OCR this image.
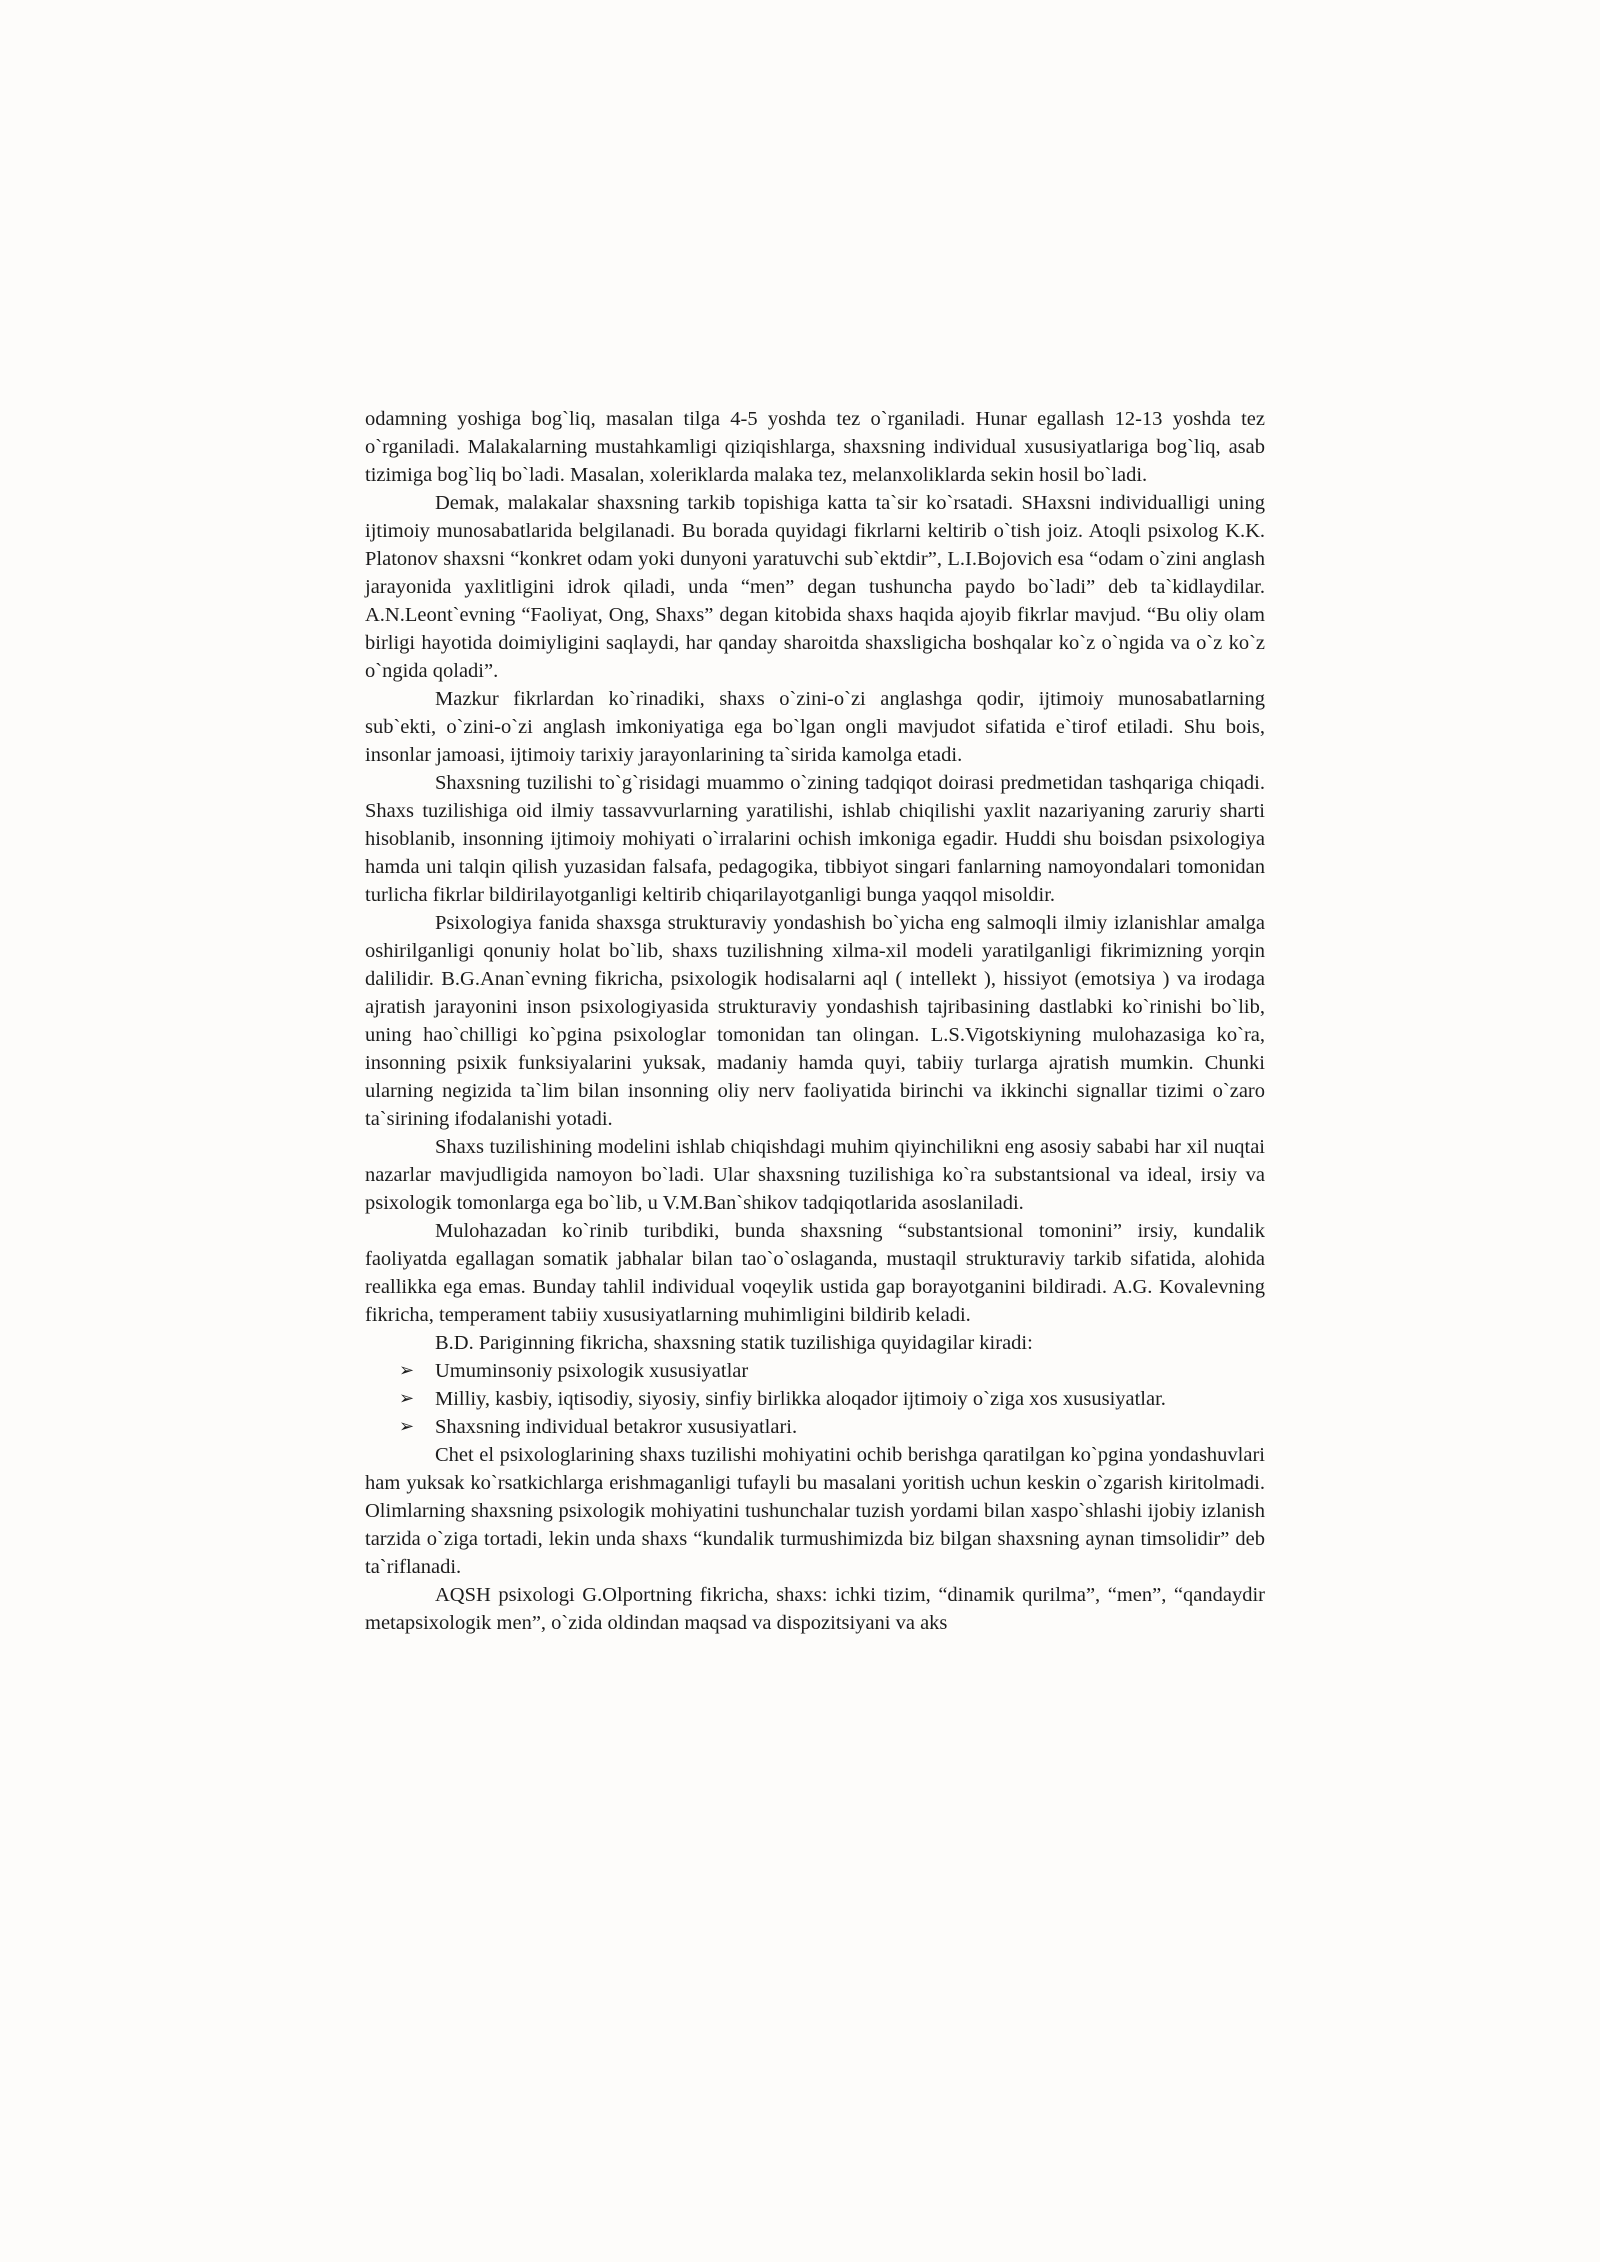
odamning yoshiga bog`liq, masalan tilga 4-5 yoshda tez o`rganiladi. Hunar egallash 12-13 yoshda tez o`rganiladi. Malakalarning mustahkamligi qiziqishlarga, shaxsning individual xususiyatlariga bog`liq, asab tizimiga bog`liq bo`ladi. Masalan, xoleriklarda malaka tez, melanxoliklarda sekin hosil bo`ladi.

Demak, malakalar shaxsning tarkib topishiga katta ta`sir ko`rsatadi. SHaxsni individualligi uning ijtimoiy munosabatlarida belgilanadi. Bu borada quyidagi fikrlarni keltirib o`tish joiz. Atoqli psixolog K.K. Platonov shaxsni “konkret odam yoki dunyoni yaratuvchi sub`ektdir”, L.I.Bojovich esa “odam o`zini anglash jarayonida yaxlitligini idrok qiladi, unda “men” degan tushuncha paydo bo`ladi” deb ta`kidlaydilar. A.N.Leont`evning “Faoliyat, Ong, Shaxs” degan kitobida shaxs haqida ajoyib fikrlar mavjud. “Bu oliy olam birligi hayotida doimiyligini saqlaydi, har qanday sharoitda shaxsligicha boshqalar ko`z o`ngida va o`z ko`z o`ngida qoladi”.

Mazkur fikrlardan ko`rinadiki, shaxs o`zini-o`zi anglashga qodir, ijtimoiy munosabatlarning sub`ekti, o`zini-o`zi anglash imkoniyatiga ega bo`lgan ongli mavjudot sifatida e`tirof etiladi. Shu bois, insonlar jamoasi, ijtimoiy tarixiy jarayonlarining ta`sirida kamolga etadi.

Shaxsning tuzilishi to`g`risidagi muammo o`zining tadqiqot doirasi predmetidan tashqariga chiqadi. Shaxs tuzilishiga oid ilmiy tassavvurlarning yaratilishi, ishlab chiqilishi yaxlit nazariyaning zaruriy sharti hisoblanib, insonning ijtimoiy mohiyati o`irralarini ochish imkoniga egadir. Huddi shu boisdan psixologiya hamda uni talqin qilish yuzasidan falsafa, pedagogika, tibbiyot singari fanlarning namoyondalari tomonidan turlicha fikrlar bildirilayotganligi keltirib chiqarilayotganligi bunga yaqqol misoldir.

Psixologiya fanida shaxsga strukturaviy yondashish bo`yicha eng salmoqli ilmiy izlanishlar amalga oshirilganligi qonuniy holat bo`lib, shaxs tuzilishning xilma-xil modeli yaratilganligi fikrimizning yorqin dalilidir. B.G.Anan`evning fikricha, psixologik hodisalarni aql ( intellekt ), hissiyot (emotsiya ) va irodaga ajratish jarayonini inson psixologiyasida strukturaviy yondashish tajribasining dastlabki ko`rinishi bo`lib, uning hao`chilligi ko`pgina psixologlar tomonidan tan olingan. L.S.Vigotskiyning mulohazasiga ko`ra, insonning psixik funksiyalarini yuksak, madaniy hamda quyi, tabiiy turlarga ajratish mumkin. Chunki ularning negizida ta`lim bilan insonning oliy nerv faoliyatida birinchi va ikkinchi signallar tizimi o`zaro ta`sirining ifodalanishi yotadi.

Shaxs tuzilishining modelini ishlab chiqishdagi muhim qiyinchilikni eng asosiy sababi har xil nuqtai nazarlar mavjudligida namoyon bo`ladi. Ular shaxsning tuzilishiga ko`ra substantsional va ideal, irsiy va psixologik tomonlarga ega bo`lib, u V.M.Ban`shikov tadqiqotlarida asoslaniladi.

Mulohazadan ko`rinib turibdiki, bunda shaxsning “substantsional tomonini” irsiy, kundalik faoliyatda egallagan somatik jabhalar bilan tao`o`oslaganda, mustaqil strukturaviy tarkib sifatida, alohida reallikka ega emas. Bunday tahlil individual voqeylik ustida gap borayotganini bildiradi. A.G. Kovalevning fikricha, temperament tabiiy xususiyatlarning muhimligini bildirib keladi.

B.D. Pariginning fikricha, shaxsning statik tuzilishiga quyidagilar kiradi:

➢ Umuminsoniy psixologik xususiyatlar
➢ Milliy, kasbiy, iqtisodiy, siyosiy, sinfiy birlikka aloqador ijtimoiy o`ziga xos xususiyatlar.
➢ Shaxsning individual betakror xususiyatlari.

Chet el psixologlarining shaxs tuzilishi mohiyatini ochib berishga qaratilgan ko`pgina yondashuvlari ham yuksak ko`rsatkichlarga erishmaganligi tufayli bu masalani yoritish uchun keskin o`zgarish kiritolmadi. Olimlarning shaxsning psixologik mohiyatini tushunchalar tuzish yordami bilan xaspo`shlashi ijobiy izlanish tarzida o`ziga tortadi, lekin unda shaxs “kundalik turmushimizda biz bilgan shaxsning aynan timsolidir” deb ta`riflanadi.

AQSH psixologi G.Olportning fikricha, shaxs: ichki tizim, “dinamik qurilma”, “men”, “qandaydir metapsixologik men”, o`zida oldindan maqsad va dispozitsiyani va aks
